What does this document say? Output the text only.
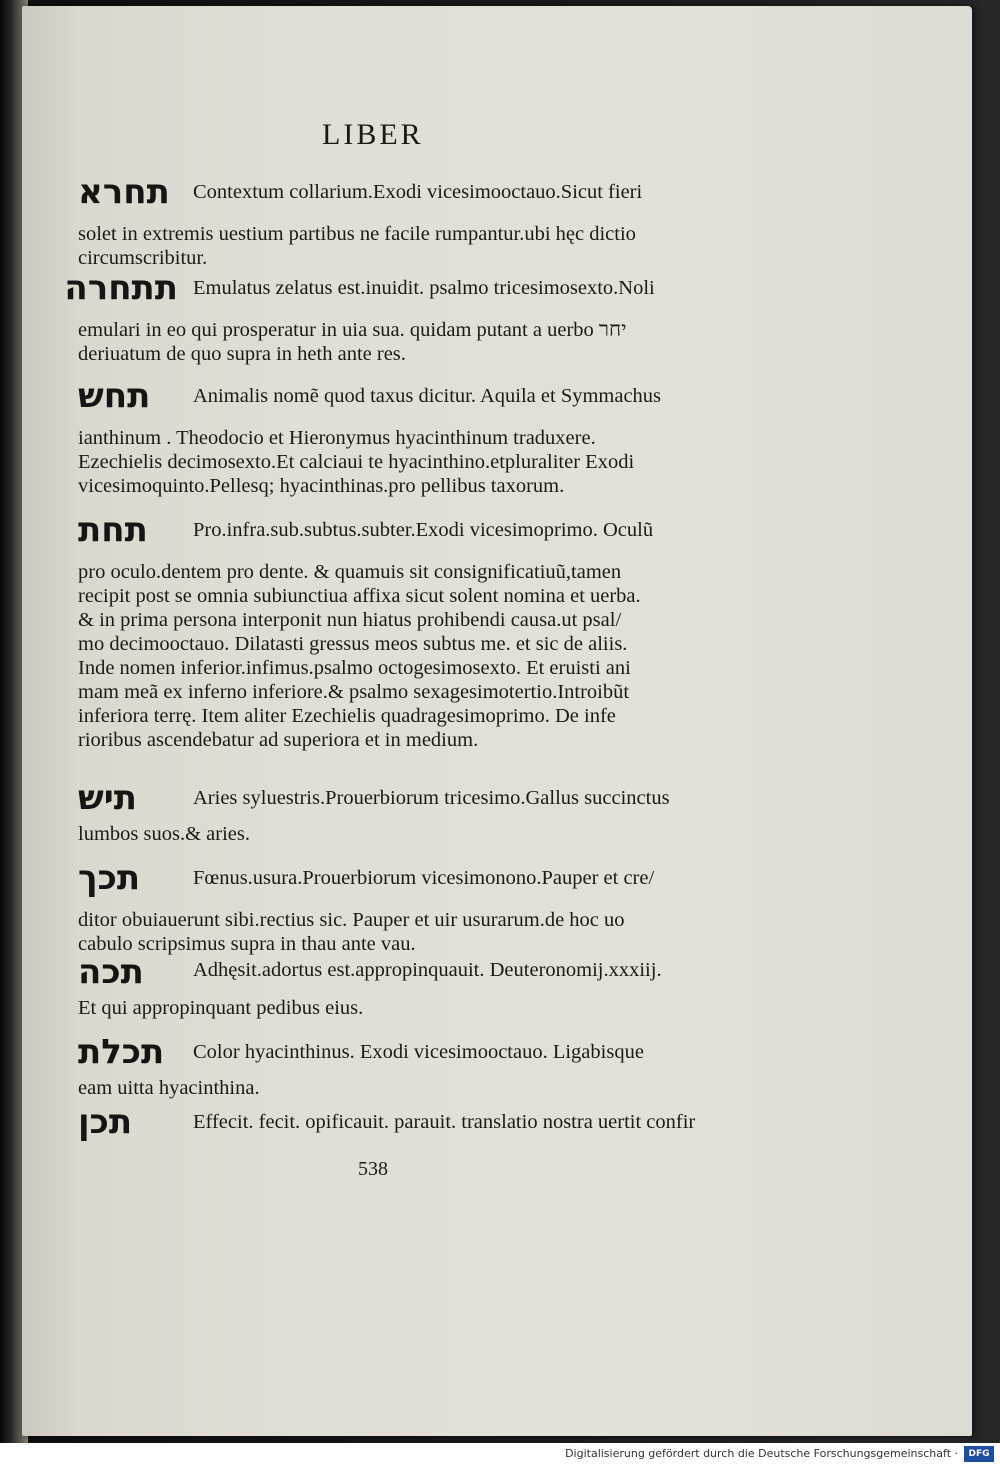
LIBER
תחרא	Contextum collarium.Exodi vicesimooctauo.Sicut fieri
solet in extremis uestium partibus ne facile rumpantur.ubi hęc dictio
circumscribitur.
תתחרה Emulatus zelatus est.inuidit. psalmo tricesimosexto.Noli
emulari in eo qui prosperatur in uia sua. quidam putant a uerbo יחר
deriuatum de quo supra in heth ante res.
תחש	Animalis nomẽ quod taxus dicitur. Aquila et Symmachus
ianthinum . Theodocio et Hieronymus hyacinthinum traduxere.
Ezechielis decimosexto.Et calciaui te hyacinthino.etpluraliter Exodi
vicesimoquinto.Pellesq; hyacinthinas.pro pellibus taxorum.
תחת	Pro.infra.sub.subtus.subter.Exodi vicesimoprimo. Oculũ
pro oculo.dentem pro dente. & quamuis sit consignificatiuũ,tamen
recipit post se omnia subiunctiua affixa sicut solent nomina et uerba.
& in prima persona interponit nun hiatus prohibendi causa.ut psal/
mo decimooctauo. Dilatasti gressus meos subtus me. et sic de aliis.
Inde nomen inferior.infimus.psalmo octogesimosexto. Et eruisti ani
mam meã ex inferno inferiore.& psalmo sexagesimotertio.Introibũt
inferiora terrę. Item aliter Ezechielis quadragesimoprimo. De infe
rioribus ascendebatur ad superiora et in medium.
תיש	Aries syluestris.Prouerbiorum tricesimo.Gallus succinctus
lumbos suos.& aries.
תכך	Fœnus.usura.Prouerbiorum vicesimonono.Pauper et cre/
ditor obuiauerunt sibi.rectius sic. Pauper et uir usurarum.de hoc uo
cabulo scripsimus supra in thau ante vau.
תכה	Adhęsit.adortus est.appropinquauit. Deuteronomij.xxxiij.
Et qui appropinquant pedibus eius.
תכלת	Color hyacinthinus. Exodi vicesimooctauo. Ligabisque
eam uitta hyacinthina.
תכן	Effecit. fecit. opificauit. parauit. translatio nostra uertit confir
538
Digitalisierung gefördert durch die Deutsche Forschungsgemeinschaft ·	DFG
